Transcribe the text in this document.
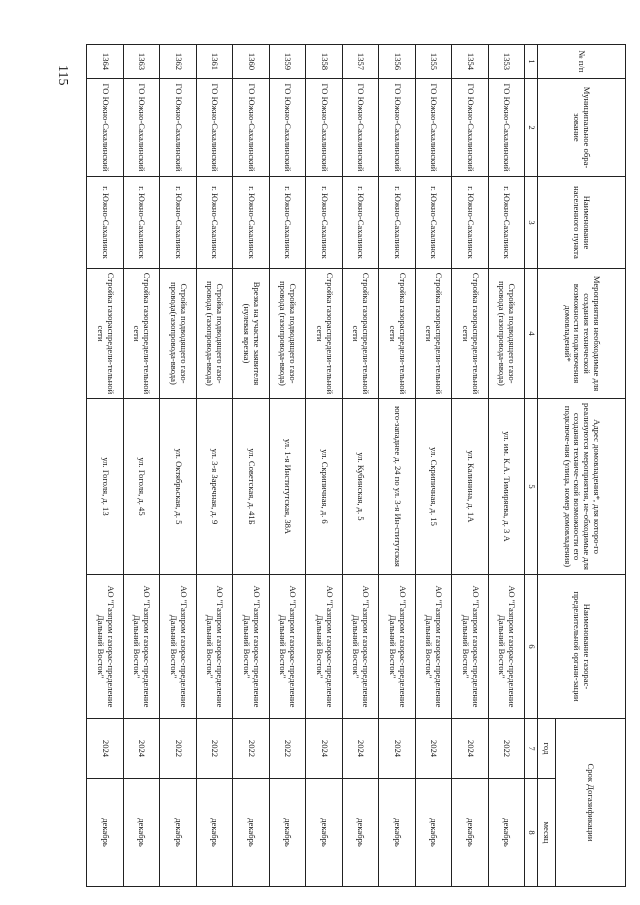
115
№ п/п	Муниципальное обра-зование	Наименование населенного пункта	Мероприятия необходимые для создания технической возможности подключения домовладений*	Адрес домовладения*, для которо-го реализуются мероприятия, не-обходимые для создания техниче-ской возможности его подключе-ния (улица, номер домовладения)	Наименование газорас-пределительной органи-зации	Срок Догазификации	
						год	месяц
1	2	3	4	5	6	7	8
1353	ГО Южно-Сахалинский	г. Южно-Сахалинск	Стройка подводящего газо-провода (газопровода-ввода)	ул. им. К.А. Тимиряева, д. 3 А	АО "Газпром газорас-пределение Дальний Восток"	2022	декабрь
1354	ГО Южно-Сахалинский	г. Южно-Сахалинск	Стройка газораспредели-тельной сети	ул. Калинина, д. 1А	АО "Газпром газорас-пределение Дальний Восток"	2024	декабрь
1355	ГО Южно-Сахалинский	г. Южно-Сахалинск	Стройка газораспредели-тельной сети	ул. Скрипичная, д. 15	АО "Газпром газорас-пределение Дальний Восток"	2024	декабрь
1356	ГО Южно-Сахалинский	г. Южно-Сахалинск	Стройка газораспредели-тельной сети	юго-западнее д. 24 по ул. 3-я Ин-ститутская	АО "Газпром газорас-пределение Дальний Восток"	2024	декабрь
1357	ГО Южно-Сахалинский	г. Южно-Сахалинск	Стройка газораспредели-тельной сети	ул. Кубинская, д. 5	АО "Газпром газорас-пределение Дальний Восток"	2024	декабрь
1358	ГО Южно-Сахалинский	г. Южно-Сахалинск	Стройка газораспредели-тельной сети	ул. Скрипичная, д. 6	АО "Газпром газорас-пределение Дальний Восток"	2024	декабрь
1359	ГО Южно-Сахалинский	г. Южно-Сахалинск	Стройка подводящего газо-провода (газопровода-ввода)	ул. 1-я Институтская, 38А	АО "Газпром газорас-пределение Дальний Восток"	2022	декабрь
1360	ГО Южно-Сахалинский	г. Южно-Сахалинск	Врезка на участке заявителя (нулевая врезка)	ул. Советская, д. 41Б	АО "Газпром газорас-пределение Дальний Восток"	2022	декабрь
1361	ГО Южно-Сахалинский	г. Южно-Сахалинск	Стройка подводящего газо-провода (газопровода-ввода)	ул. 3-я Заречная, д. 9	АО "Газпром газорас-пределение Дальний Восток"	2022	декабрь
1362	ГО Южно-Сахалинский	г. Южно-Сахалинск	Стройка подводящего газо-провода(газопровода-ввода)	ул. Октябрьская, д. 5	АО "Газпром газорас-пределение Дальний Восток"	2022	декабрь
1363	ГО Южно-Сахалинский	г. Южно-Сахалинск	Стройка газораспредели-тельной сети	ул. Гоголя, д. 45	АО "Газпром газорас-пределение Дальний Восток"	2024	декабрь
1364	ГО Южно-Сахалинский	г. Южно-Сахалинск	Стройка газораспредели-тельной сети	ул. Гоголя, д. 13	АО "Газпром газорас-пределение Дальний Восток"	2024	декабрь
